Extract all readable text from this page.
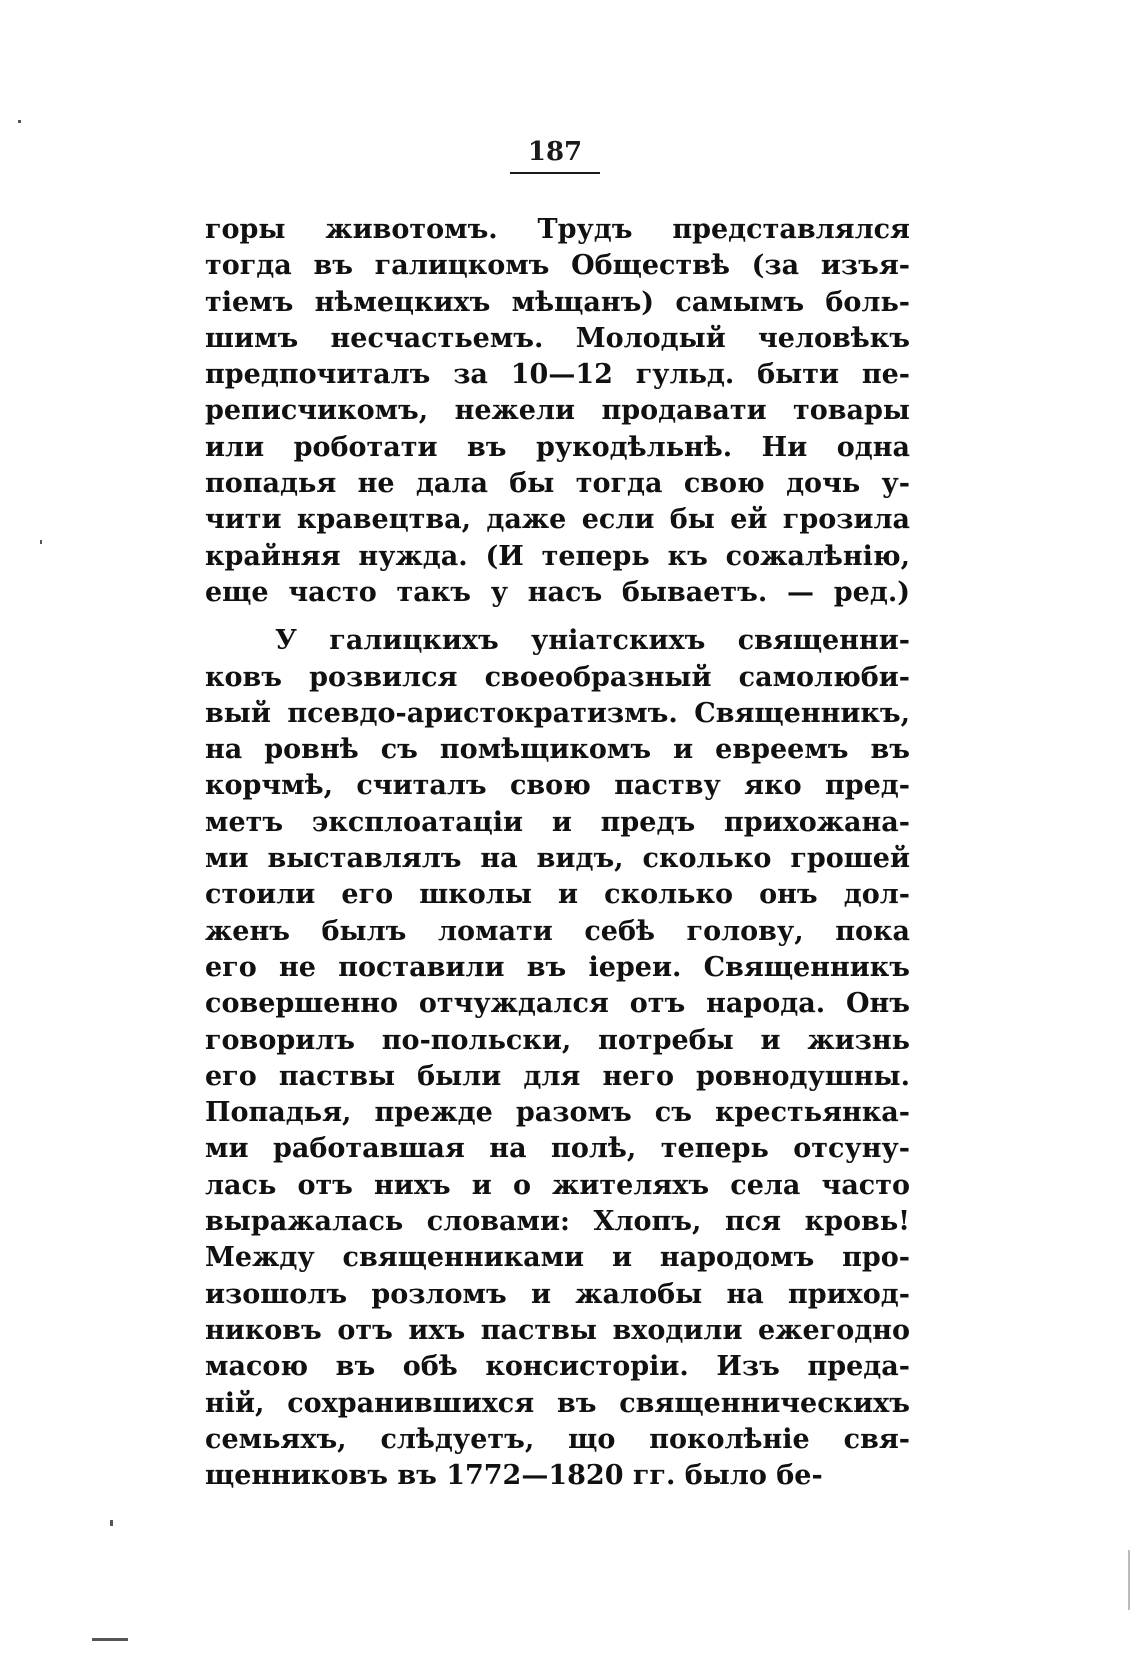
187
горы животомъ. Трудъ представлялся
тогда въ галицкомъ Обществѣ (за изъя-
тіемъ нѣмецкихъ мѣщанъ) самымъ боль-
шимъ несчастьемъ. Молодый человѣкъ
предпочиталъ за 10—12 гульд. быти пе-
реписчикомъ, нежели продавати товары
или роботати въ рукодѣльнѣ. Ни одна
попадья не дала бы тогда свою дочь у-
чити кравецтва, даже если бы ей грозила
крайняя нужда. (И теперь къ сожалѣнію,
еще часто такъ у насъ бываетъ. — ред.)
У галицкихъ уніатскихъ священни-
ковъ розвился своеобразный самолюби-
вый псевдо-аристократизмъ. Священникъ,
на ровнѣ съ помѣщикомъ и евреемъ въ
корчмѣ, считалъ свою паству яко пред-
метъ эксплоатаціи и предъ прихожана-
ми выставлялъ на видъ, сколько грошей
стоили его школы и сколько онъ дол-
женъ былъ ломати себѣ голову, пока
его не поставили въ іереи. Священникъ
совершенно отчуждался отъ народа. Онъ
говорилъ по-польски, потребы и жизнь
его паствы были для него ровнодушны.
Попадья, прежде разомъ съ крестьянка-
ми работавшая на полѣ, теперь отсуну-
лась отъ нихъ и о жителяхъ села часто
выражалась словами: Хлопъ, пся кровь!
Между священниками и народомъ про-
изошолъ розломъ и жалобы на приход-
никовъ отъ ихъ паствы входили ежегодно
масою въ обѣ консисторіи. Изъ преда-
ній, сохранившихся въ священническихъ
семьяхъ, слѣдуетъ, що поколѣніе свя-
щенниковъ въ 1772—1820 гг. было бе-
